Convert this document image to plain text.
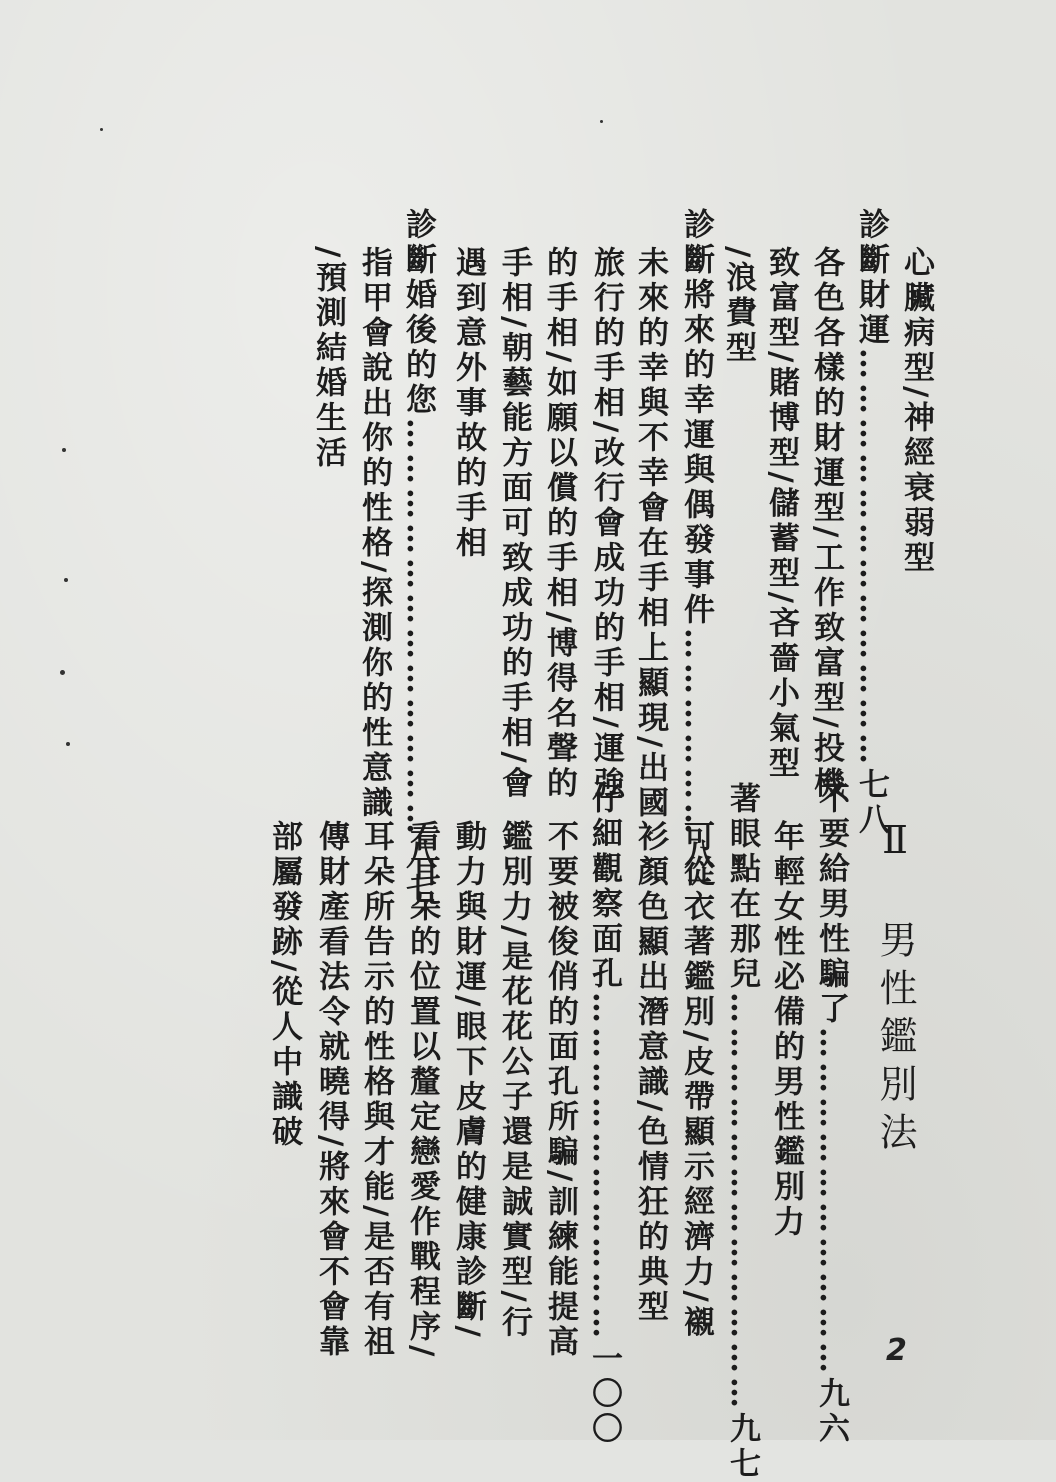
心臟病型/神經衰弱型
診斷財運………………………………七八
各色各樣的財運型/工作致富型/投機
致富型/賭博型/儲蓄型/吝嗇小氣型
/浪費型
診斷將來的幸運與偶發事件………………八二
未來的幸與不幸會在手相上顯現/出國
旅行的手相/改行會成功的手相/運強
的手相/如願以償的手相/博得名聲的
手相/朝藝能方面可致成功的手相/會
遇到意外事故的手相
診斷婚後的您………………………………八七
指甲會說出你的性格/探測你的性意識
/預測結婚生活
Ⅱ　男性鑑別法
不要給男性騙了…………………………九六
年輕女性必備的男性鑑別力
著眼點在那兒………………………………九七
可從衣著鑑別/皮帶顯示經濟力/襯
衫顏色顯出潛意識/色情狂的典型
仔細觀察面孔…………………………一〇〇
不要被俊俏的面孔所騙/訓練能提高
鑑別力/是花花公子還是誠實型/行
動力與財運/眼下皮膚的健康診斷/
看耳朵的位置以釐定戀愛作戰程序/
耳朵所告示的性格與才能/是否有祖
傳財產看法令就曉得/將來會不會靠
部屬發跡/從人中識破
2
